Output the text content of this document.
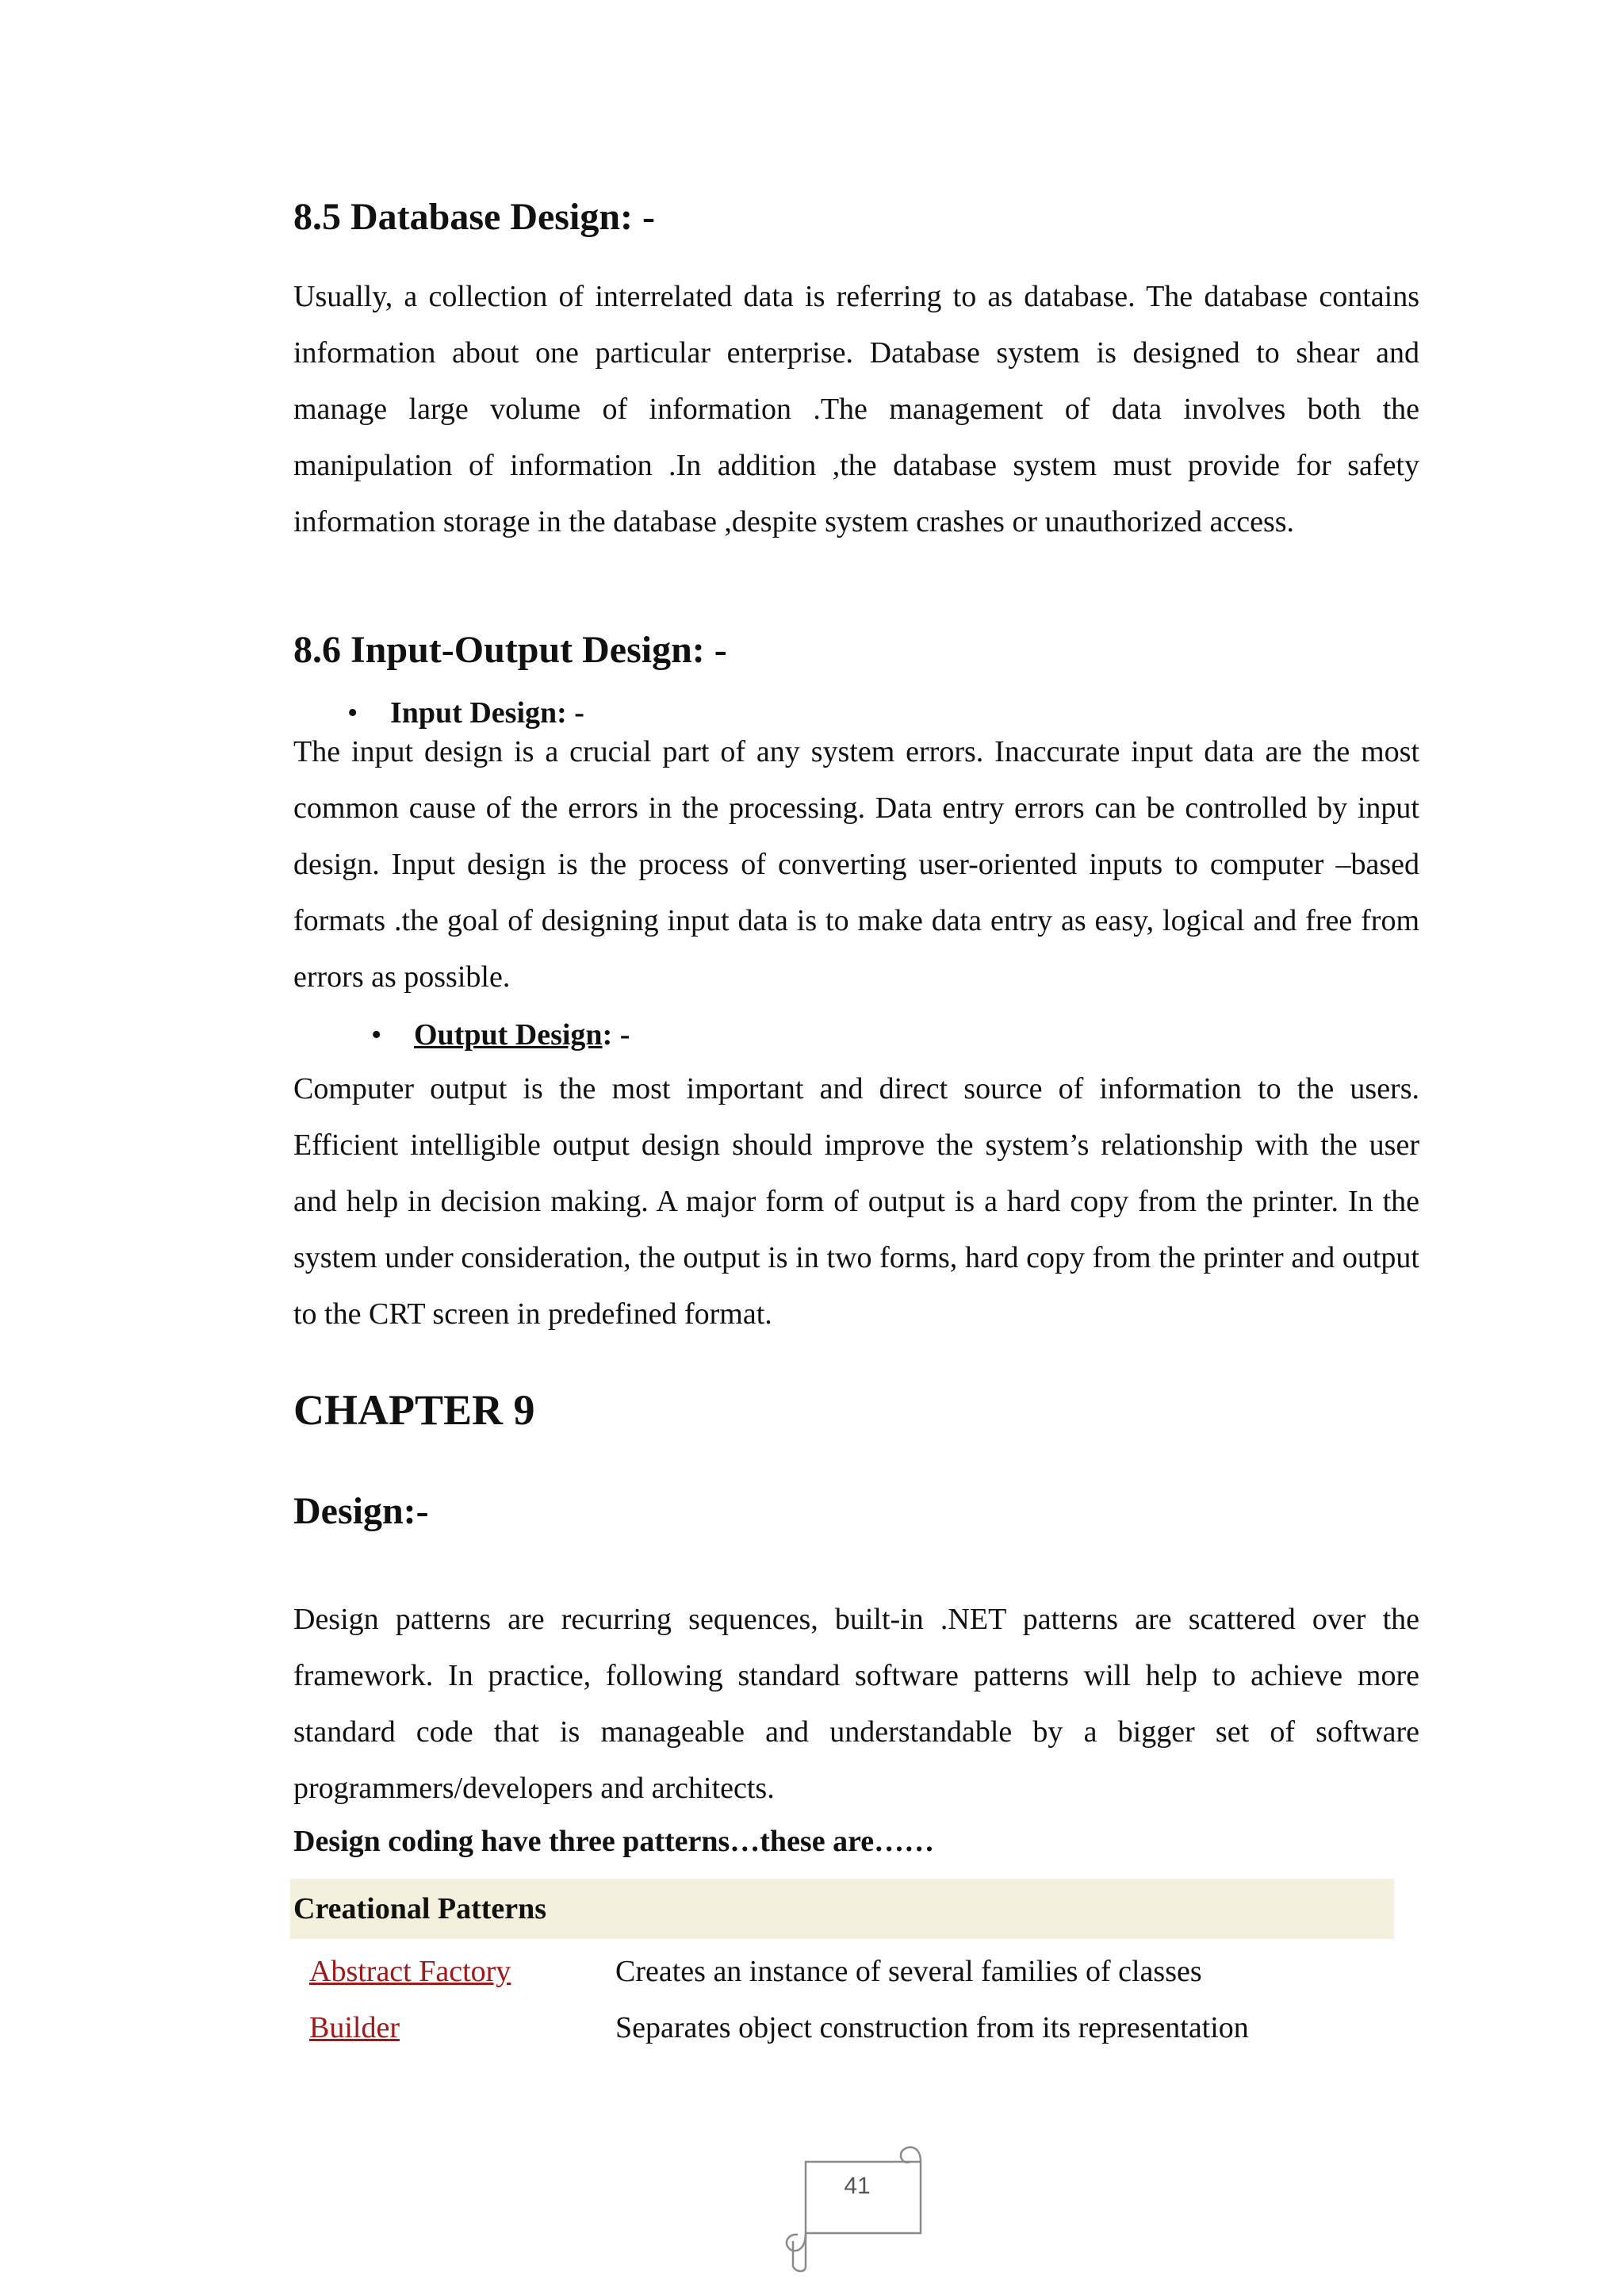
8.5 Database Design: -

Usually, a collection of interrelated data is referring to as database. The database contains information about one particular enterprise. Database system is designed to shear and manage large volume of information .The management of data involves both the manipulation of information .In addition ,the database system must provide for safety information storage in the database ,despite system crashes or unauthorized access.

8.6 Input-Output Design: -
• Input Design: -

The input design is a crucial part of any system errors. Inaccurate input data are the most common cause of the errors in the processing. Data entry errors can be controlled by input design. Input design is the process of converting user-oriented inputs to computer –based formats .the goal of designing input data is to make data entry as easy, logical and free from errors as possible.

• Output Design: -

Computer output is the most important and direct source of information to the users. Efficient intelligible output design should improve the system’s relationship with the user and help in decision making. A major form of output is a hard copy from the printer. In the system under consideration, the output is in two forms, hard copy from the printer and output to the CRT screen in predefined format.

CHAPTER 9
Design:-

Design patterns are recurring sequences, built-in .NET patterns are scattered over the framework. In practice, following standard software patterns will help to achieve more standard code that is manageable and understandable by a bigger set of software programmers/developers and architects.

Design coding have three patterns…these are……
Creational Patterns
Abstract Factory	Creates an instance of several families of classes
Builder	Separates object construction from its representation
41
